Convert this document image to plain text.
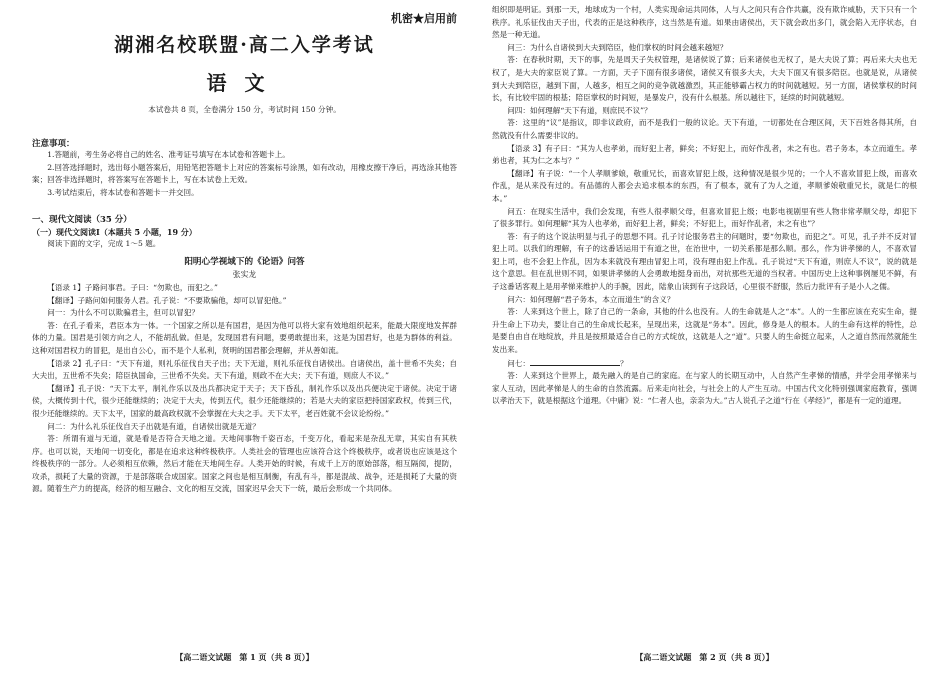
机密★启用前
湖湘名校联盟·高二入学考试
语文
本试卷共 8 页，全卷满分 150 分，考试时间 150 分钟。
注意事项：

1.答题前，考生务必将自己的姓名、准考证号填写在本试卷和答题卡上。

2.回答选择题时，选出每小题答案后，用铅笔把答题卡上对应的答案标号涂黑，如有改动，用橡皮擦干净后，再选涂其他答案；回答非选择题时，将答案写在答题卡上，写在本试卷上无效。

3.考试结束后，将本试卷和答题卡一并交回。

一、现代文阅读（35 分）
（一）现代文阅读Ⅰ（本题共 5 小题，19 分）

阅读下面的文字，完成 1～5 题。

阳明心学视域下的《论语》问答
张实龙

【语录 1】子路问事君。子曰：“勿欺也，而犯之。”

【翻译】子路问如何服务人君。孔子说：“不要欺骗他，却可以冒犯他。”

问一：为什么不可以欺骗君主，但可以冒犯？

答：在孔子看来，君臣本为一体。一个国家之所以是有国君，是因为他可以将大家有效地组织起来，能最大限度地发挥群体的力量。国君是引领方向之人，不能胡乱做。但是，发现国君有问题，要勇敢提出来，这是为国君好，也是为群体的利益。这种对国君权力的冒犯，是出自公心，而不是个人私利，贤明的国君都会理解，并从善如流。

【语录 2】孔子曰：“天下有道，则礼乐征伐自天子出；天下无道，则礼乐征伐自诸侯出。自诸侯出，盖十世希不失矣；自大夫出，五世希不失矣；陪臣执国命，三世希不失矣。天下有道，则政不在大夫；天下有道，则庶人不议。”

【翻译】孔子说：“天下太平，制礼作乐以及出兵都决定于天子；天下昏乱，制礼作乐以及出兵便决定于诸侯。决定于诸侯，大概传到十代，很少还能继续的；决定于大夫，传到五代，很少还能继续的；若是大夫的家臣把持国家政权，传到三代，很少还能继续的。天下太平，国家的最高政权就不会掌握在大夫之手。天下太平，老百姓就不会议论纷纷。”

问二：为什么礼乐征伐自天子出就是有道，自诸侯出就是无道？

答：所谓有道与无道，就是看是否符合天地之道。天地间事物千姿百态，千变万化，看起来是杂乱无章，其实自有其秩序。也可以说，天地间一切变化，都是在追求这种终极秩序。人类社会的管理也应该符合这个终极秩序，或者说也应该是这个终极秩序的一部分。人必须相互依赖，然后才能在天地间生存。人类开始的时候，有成千上万的原始部落，相互隔阂，提防，攻杀，损耗了大量的资源，于是部落联合成国家。国家之间也是相互制衡，有乱有斗，都是混战、战争，还是损耗了大量的资源。随着生产力的提高，经济的相互融合、文化的相互交流，国家迟早会天下一统，最后会形成一个共同体。

【高二语文试题　第 1 页（共 8 页）】

组织即是明证。到那一天，地球成为一个村，人类实现命运共同体，人与人之间只有合作共赢，没有欺诈威胁，天下只有一个秩序。礼乐征伐由天子出，代表的正是这种秩序，这当然是有道。如果由诸侯出，天下就会政出多门，就会陷入无序状态，自然是一种无道。

问三：为什么自诸侯到大夫到陪臣，他们掌权的时间会越来越短？

答：在春秋时期，天下的事，先是周天子失权管理，是诸侯说了算；后来诸侯也无权了，是大夫说了算；再后来大夫也无权了，是大夫的家臣说了算。一方面，天子下面有很多诸侯，诸侯又有很多大夫，大夫下面又有很多陪臣。也就是说，从诸侯到大夫到陪臣，越到下面，人越多，相互之间的竞争就越激烈，其正能够霸占权力的时间就越短。另一方面，诸侯掌权的时间长，有比较牢固的根基；陪臣掌权的时间短，是暴发户，没有什么根基。所以越往下，延续的时间就越短。

问四：如何理解“天下有道，则庶民不议”？

答：这里的“议”是指议，即非议政府，而不是我们一般的议论。天下有道，一切都处在合理区间，天下百姓各得其所，自然就没有什么需要非议的。

【语录 3】有子曰：“其为人也孝弟，而好犯上者，鲜矣；不好犯上，而好作乱者，未之有也。君子务本，本立而道生。孝弟也者，其为仁之本与？”

【翻译】有子说：“一个人孝顺爹娘，敬重兄长，而喜欢冒犯上级，这种情况是很少见的；一个人不喜欢冒犯上级，而喜欢作乱，是从来没有过的。有品德的人都会去追求根本的东西，有了根本，就有了为人之道，孝顺爹娘敬重兄长，就是仁的根本。”

问五：在现实生活中，我们会发现，有些人很孝顺父母，但喜欢冒犯上级；电影电视剧里有些人物非常孝顺父母，却犯下了很多罪行。如何理解“其为人也孝弟，而好犯上者，鲜矣；不好犯上，而好作乱者，未之有也”？

答：有子的这个说法明显与孔子的思想不同。孔子讨论服务君主的问题时，要“勿欺也，而犯之”。可见，孔子并不反对冒犯上司。以我们的理解，有子的这番话运用于有道之世，在治世中，一切关系都是那么顺。那么，作为讲孝悌的人，不喜欢冒犯上司，也不会犯上作乱，因为本来就没有理由冒犯上司，没有理由犯上作乱。孔子说过“天下有道，则庶人不议”，说的就是这个意思。但在乱世则不同，如果讲孝悌的人会勇敢地挺身而出，对抗那些无道的当权者。中国历史上这种事例屡见不鲜，有子这番话客观上是用孝悌来维护人的手腕，因此，陆象山读到有子这段话，心里很不舒服，然后力批评有子是小人之儒。

问六：如何理解“君子务本，本立而道生”的含义？

答：人来到这个世上，除了自己的一条命，其他的什么也没有。人的生命就是人之“本”。人的一生都应该在充实生命，提升生命上下功夫，要让自己的生命成长起来，呈现出来，这就是“务本”。因此，修身是人的根本。人的生命有这样的特性，总是要自由自在地绽放，并且是按照最适合自己的方式绽放，这就是人之“道”。只要人的生命挺立起来，人之道自然而然就能生发出来。

问七：	？

答：人来到这个世界上，最先融入的是自己的家庭。在与家人的长期互动中，人自然产生孝悌的情感，并学会用孝悌来与家人互动，因此孝悌是人的生命的自然流露。后来走向社会，与社会上的人产生互动。中国古代文化特别强调家庭教育，强调以孝治天下，就是根据这个道理。《中庸》说：“仁者人也，亲亲为大。”古人说孔子之道“行在《孝经》”，都是有一定的道理。

【高二语文试题　第 2 页（共 8 页）】
